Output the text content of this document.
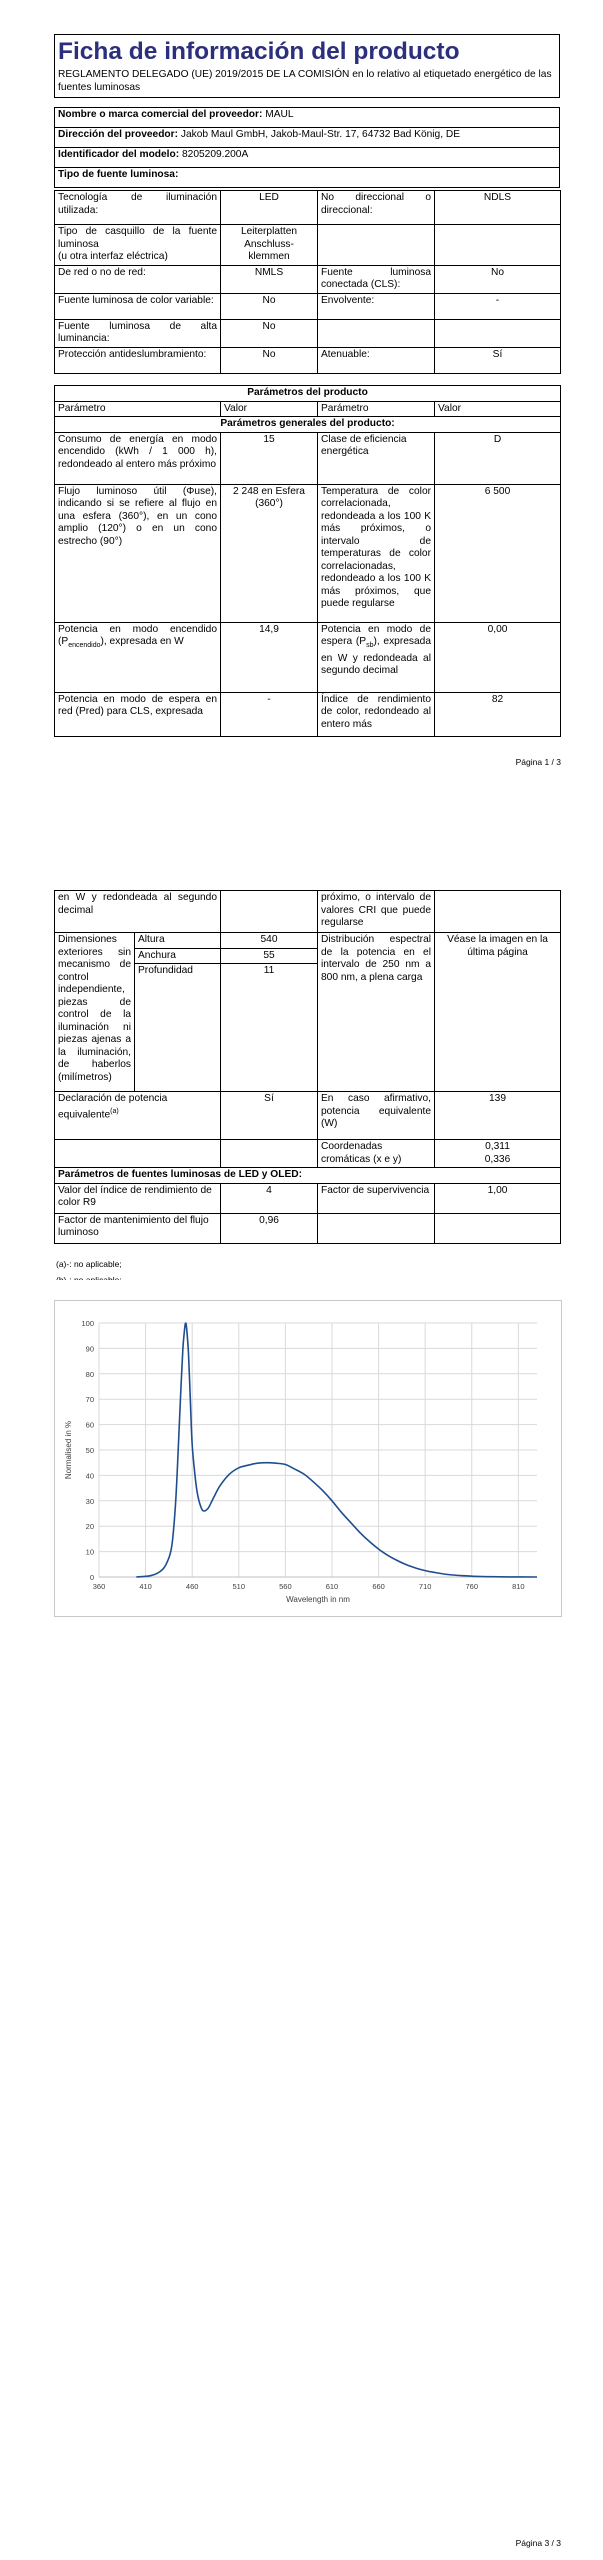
Ficha de información del producto

REGLAMENTO DELEGADO (UE) 2019/2015 DE LA COMISIÓN en lo relativo al etiquetado energético de las fuentes luminosas

Nombre o marca comercial del proveedor: MAUL
Dirección del proveedor: Jakob Maul GmbH, Jakob-Maul-Str. 17, 64732 Bad König, DE
Identificador del modelo: 8205209.200A
Tipo de fuente luminosa:
Tecnología de iluminación utilizada:	LED	No direccional o direccional:	NDLS
Tipo de casquillo de la fuente luminosa
(u otra interfaz eléctrica)	Leiterplatten Anschluss-klemmen		
De red o no de red:	NMLS	Fuente luminosa conectada (CLS):	No
Fuente luminosa de color variable:	No	Envolvente:	-
Fuente luminosa de alta luminancia:	No		
Protección antideslumbramiento:	No	Atenuable:	Sí
Parámetros del producto			
Parámetro	Valor	Parámetro	Valor
Parámetros generales del producto:			
Consumo de energía en modo encendido (kWh / 1 000 h), redondeado al entero más próximo	15	Clase de eficiencia energética	D
Flujo luminoso útil (Φuse), indicando si se refiere al flujo en una esfera (360°), en un cono amplio (120°) o en un cono estrecho (90°)	2 248 en Esfera (360°)	Temperatura de color correlacionada, redondeada a los 100 K más próximos, o intervalo de temperaturas de color correlacionadas, redondeado a los 100 K más próximos, que puede regularse	6 500
Potencia en modo encendido $(P_{encendido})$, expresada en W	14,9	Potencia en modo de espera $(P_{sb})$, expresada en W y redondeada al segundo decimal	0,00
Potencia en modo de espera en red (Pred) para CLS, expresada	-	Índice de rendimiento de color, redondeado al entero más	82
Página 1 / 3
en W y redondeada al segundo decimal			próximo, o intervalo de valores CRI que puede regularse	
Dimensiones exteriores sin mecanismo de control independiente, piezas de control de la iluminación ni piezas ajenas a la iluminación, de haberlos (milímetros)	Altura	540	Distribución espectral de la potencia en el intervalo de 250 nm a 800 nm, a plena carga	Véase la imagen en la última página
	Anchura	55		
	Profundidad	11		
Declaración de potencia equivalente$^{(a)}$		Sí	En caso afirmativo, potencia equivalente (W)	139
			Coordenadas cromáticas (x e y)	0,311
0,336

Parámetros de fuentes luminosas de LED y OLED:				
Valor del índice de rendimiento de color R9		4	Factor de supervivencia	1,00
Factor de mantenimiento del flujo luminoso		0,96		
(a)-: no aplicable;
0
10
20
30
40
50
60
70
80
90
100
360	410	460	510	560	610	660	710	760	810
Wavelength in nm
Normalised in %
Página 3 / 3
